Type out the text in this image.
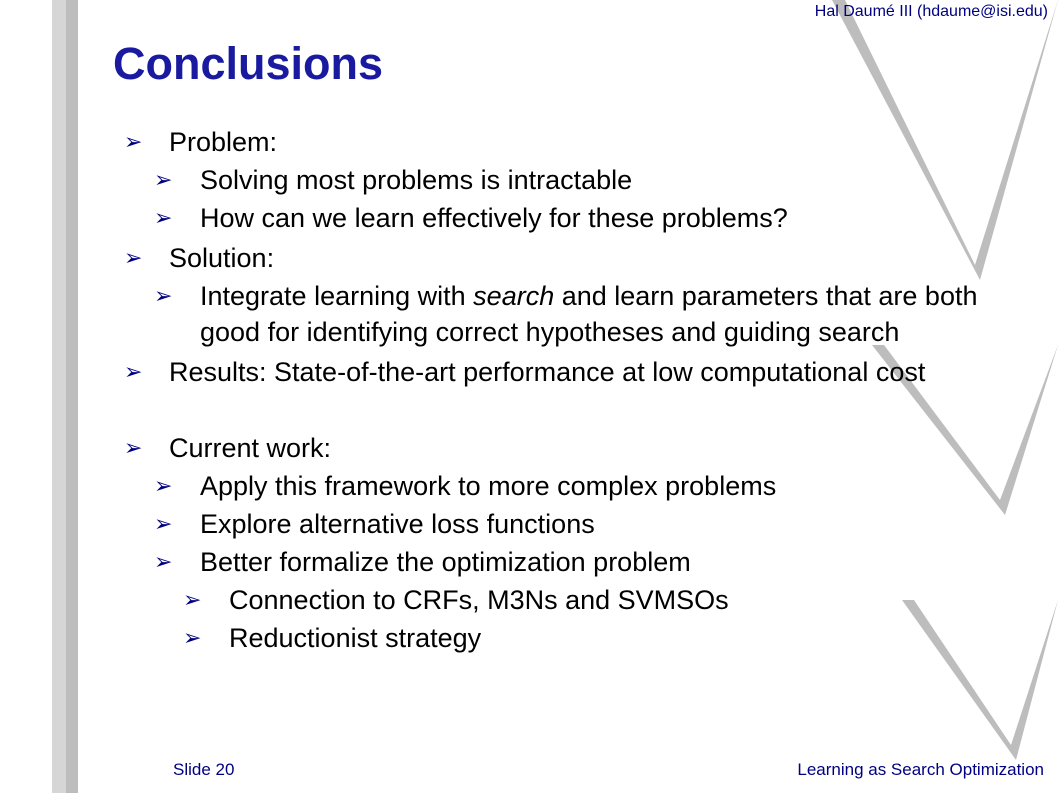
Hal Daumé III (hdaume@isi.edu)
Conclusions
➢ Problem:
➢ Solving most problems is intractable
➢ How can we learn effectively for these problems?
➢ Solution:
➢ Integrate learning with search and learn parameters that are both good for identifying correct hypotheses and guiding search
➢ Results: State-of-the-art performance at low computational cost
➢ Current work:
➢ Apply this framework to more complex problems
➢ Explore alternative loss functions
➢ Better formalize the optimization problem
➢ Connection to CRFs, M3Ns and SVMSOs
➢ Reductionist strategy
Slide 20	Learning as Search Optimization
